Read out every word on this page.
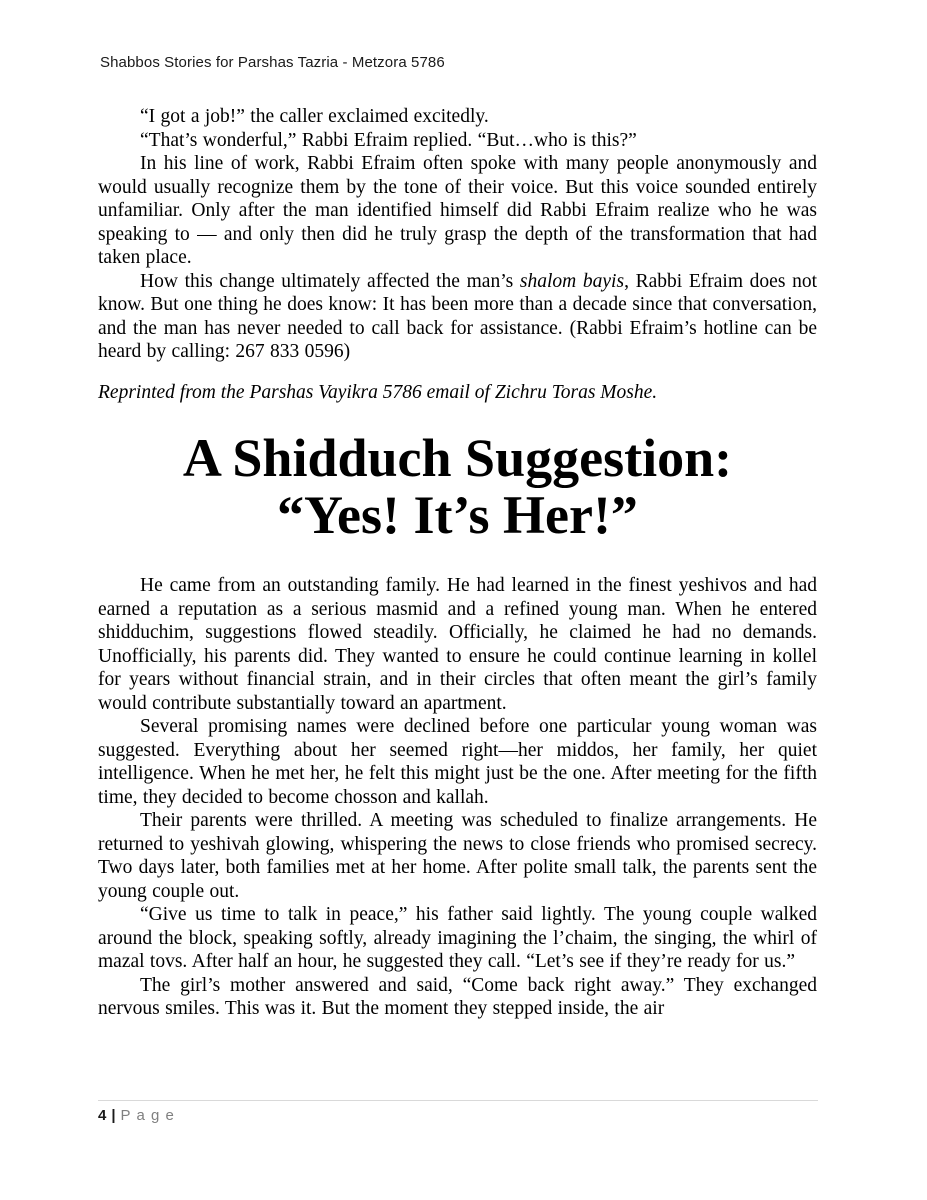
Shabbos Stories for Parshas Tazria - Metzora 5786

“I got a job!” the caller exclaimed excitedly.

“That’s wonderful,” Rabbi Efraim replied. “But…who is this?”

In his line of work, Rabbi Efraim often spoke with many people anonymously and would usually recognize them by the tone of their voice. But this voice sounded entirely unfamiliar. Only after the man identified himself did Rabbi Efraim realize who he was speaking to — and only then did he truly grasp the depth of the transformation that had taken place.

How this change ultimately affected the man’s shalom bayis, Rabbi Efraim does not know. But one thing he does know: It has been more than a decade since that conversation, and the man has never needed to call back for assistance. (Rabbi Efraim’s hotline can be heard by calling: 267 833 0596)

Reprinted from the Parshas Vayikra 5786 email of Zichru Toras Moshe.

A Shidduch Suggestion:
“Yes! It’s Her!”

He came from an outstanding family. He had learned in the finest yeshivos and had earned a reputation as a serious masmid and a refined young man. When he entered shidduchim, suggestions flowed steadily. Officially, he claimed he had no demands. Unofficially, his parents did. They wanted to ensure he could continue learning in kollel for years without financial strain, and in their circles that often meant the girl’s family would contribute substantially toward an apartment.

Several promising names were declined before one particular young woman was suggested. Everything about her seemed right—her middos, her family, her quiet intelligence. When he met her, he felt this might just be the one. After meeting for the fifth time, they decided to become chosson and kallah.

Their parents were thrilled. A meeting was scheduled to finalize arrangements. He returned to yeshivah glowing, whispering the news to close friends who promised secrecy. Two days later, both families met at her home. After polite small talk, the parents sent the young couple out.

“Give us time to talk in peace,” his father said lightly. The young couple walked around the block, speaking softly, already imagining the l’chaim, the singing, the whirl of mazal tovs. After half an hour, he suggested they call. “Let’s see if they’re ready for us.”

The girl’s mother answered and said, “Come back right away.” They exchanged nervous smiles. This was it. But the moment they stepped inside, the air

4 | P a g e
